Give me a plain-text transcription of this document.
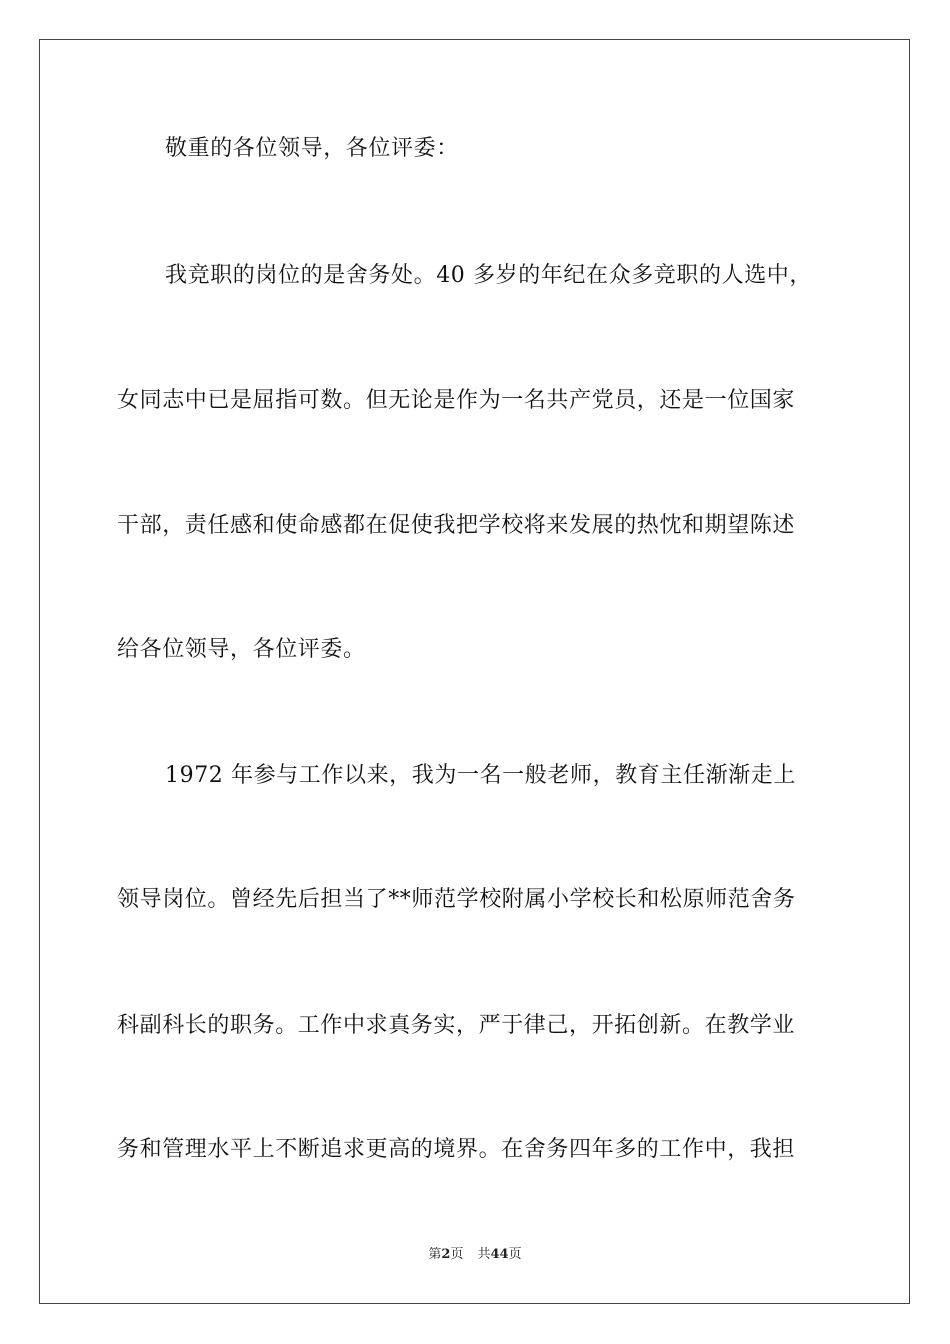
敬重的各位领导，各位评委：
我竞职的岗位的是舍务处。40 多岁的年纪在众多竞职的人选中，
女同志中已是屈指可数。但无论是作为一名共产党员，还是一位国家
干部，责任感和使命感都在促使我把学校将来发展的热忱和期望陈述
给各位领导，各位评委。
1972 年参与工作以来，我为一名一般老师，教育主任渐渐走上
领导岗位。曾经先后担当了**师范学校附属小学校长和松原师范舍务
科副科长的职务。工作中求真务实，严于律己，开拓创新。在教学业
务和管理水平上不断追求更高的境界。在舍务四年多的工作中，我担
第2页 共44页
